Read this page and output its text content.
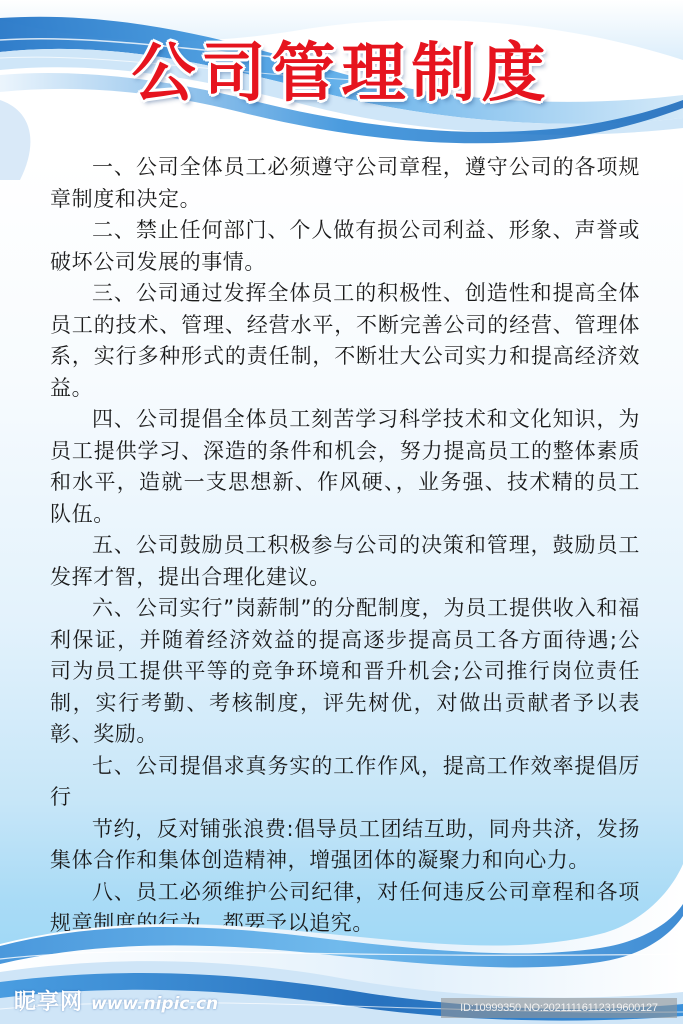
公司管理制度

一、公司全体员工必须遵守公司章程，遵守公司的各项规章制度和决定。

二、禁止任何部门、个人做有损公司利益、形象、声誉或破坏公司发展的事情。

三、公司通过发挥全体员工的积极性、创造性和提高全体员工的技术、管理、经营水平，不断完善公司的经营、管理体系，实行多种形式的责任制，不断壮大公司实力和提高经济效益。

四、公司提倡全体员工刻苦学习科学技术和文化知识，为员工提供学习、深造的条件和机会，努力提高员工的整体素质和水平，造就一支思想新、作风硬、，业务强、技术精的员工队伍。

五、公司鼓励员工积极参与公司的决策和管理，鼓励员工发挥才智，提出合理化建议。

六、公司实行”岗薪制”的分配制度，为员工提供收入和福利保证，并随着经济效益的提高逐步提高员工各方面待遇;公司为员工提供平等的竞争环境和晋升机会;公司推行岗位责任制，实行考勤、考核制度，评先树优，对做出贡献者予以表彰、奖励。

七、公司提倡求真务实的工作作风，提高工作效率提倡厉行

节约，反对铺张浪费:倡导员工团结互助，同舟共济，发扬集体合作和集体创造精神，增强团体的凝聚力和向心力。

八、员工必须维护公司纪律，对任何违反公司章程和各项规章制度的行为，都要予以追究。

昵享网 www.nipic.cn	ID:10999350 NO:20211116112319600127
